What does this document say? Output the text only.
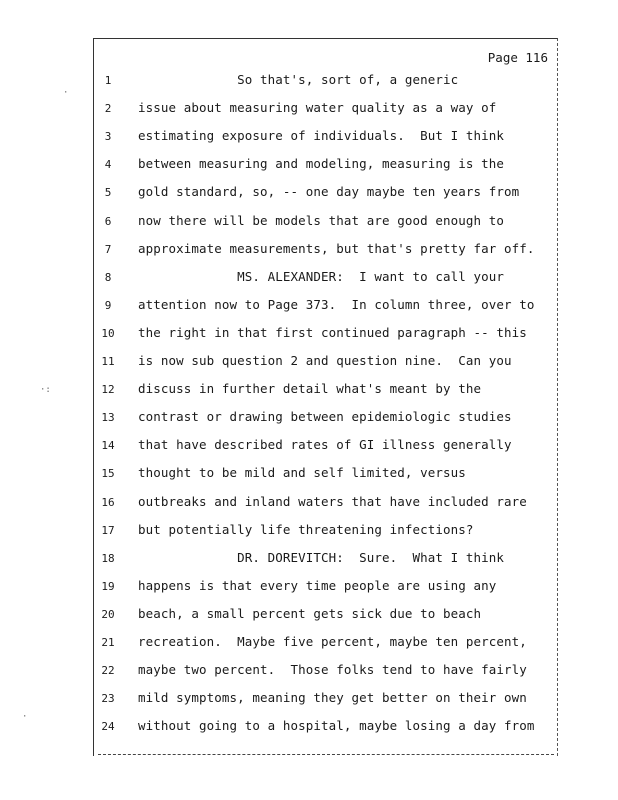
Page 116
1	So that's, sort of, a generic
2	issue about measuring water quality as a way of
3	estimating exposure of individuals.  But I think
4	between measuring and modeling, measuring is the
5	gold standard, so, -- one day maybe ten years from
6	now there will be models that are good enough to
7	approximate measurements, but that's pretty far off.
8	MS. ALEXANDER:  I want to call your
9	attention now to Page 373.  In column three, over to
10 the right in that first continued paragraph -- this
11 is now sub question 2 and question nine.  Can you
12 discuss in further detail what's meant by the
13 contrast or drawing between epidemiologic studies
14 that have described rates of GI illness generally
15 thought to be mild and self limited, versus
16 outbreaks and inland waters that have included rare
17 but potentially life threatening infections?
18 DR. DOREVITCH:  Sure.  What I think
19 happens is that every time people are using any
20 beach, a small percent gets sick due to beach
21 recreation.  Maybe five percent, maybe ten percent,
22 maybe two percent.  Those folks tend to have fairly
23 mild symptoms, meaning they get better on their own
24 without going to a hospital, maybe losing a day from
·:
·
·
